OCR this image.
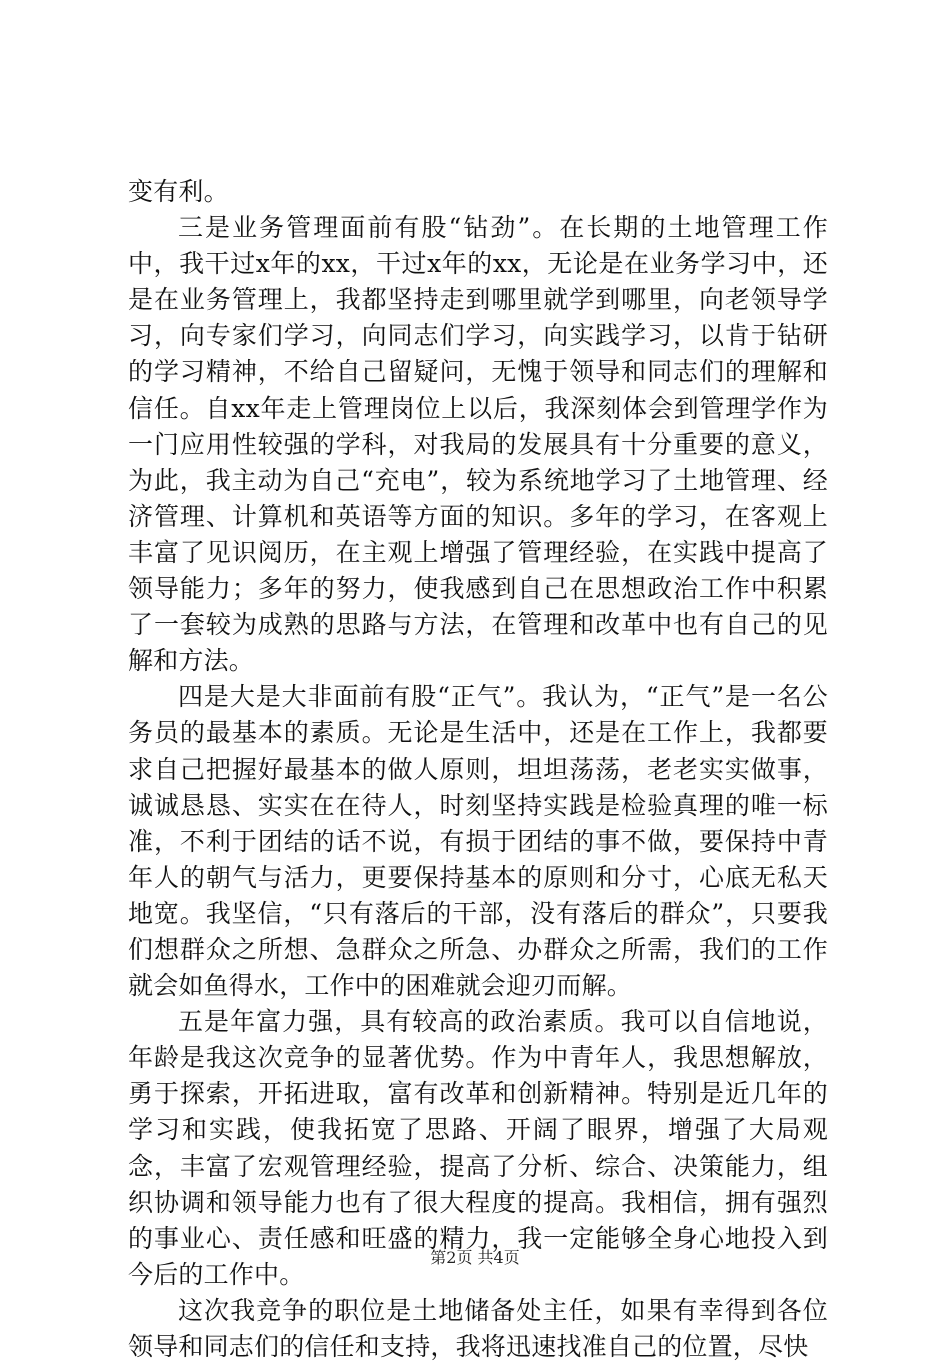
变有利。

三是业务管理面前有股“钻劲”。在长期的土地管理工作中，我干过x年的xx，干过x年的xx，无论是在业务学习中，还是在业务管理上，我都坚持走到哪里就学到哪里，向老领导学习，向专家们学习，向同志们学习，向实践学习，以肯于钻研的学习精神，不给自己留疑问，无愧于领导和同志们的理解和信任。自xx年走上管理岗位上以后，我深刻体会到管理学作为一门应用性较强的学科，对我局的发展具有十分重要的意义，为此，我主动为自己“充电”，较为系统地学习了土地管理、经济管理、计算机和英语等方面的知识。多年的学习，在客观上丰富了见识阅历，在主观上增强了管理经验，在实践中提高了领导能力；多年的努力，使我感到自己在思想政治工作中积累了一套较为成熟的思路与方法，在管理和改革中也有自己的见解和方法。

四是大是大非面前有股“正气”。我认为，“正气”是一名公务员的最基本的素质。无论是生活中，还是在工作上，我都要求自己把握好最基本的做人原则，坦坦荡荡，老老实实做事，诚诚恳恳、实实在在待人，时刻坚持实践是检验真理的唯一标准，不利于团结的话不说，有损于团结的事不做，要保持中青年人的朝气与活力，更要保持基本的原则和分寸，心底无私天地宽。我坚信，“只有落后的干部，没有落后的群众”，只要我们想群众之所想、急群众之所急、办群众之所需，我们的工作就会如鱼得水，工作中的困难就会迎刃而解。

五是年富力强，具有较高的政治素质。我可以自信地说，年龄是我这次竞争的显著优势。作为中青年人，我思想解放，勇于探索，开拓进取，富有改革和创新精神。特别是近几年的学习和实践，使我拓宽了思路、开阔了眼界，增强了大局观念，丰富了宏观管理经验，提高了分析、综合、决策能力，组织协调和领导能力也有了很大程度的提高。我相信，拥有强烈的事业心、责任感和旺盛的精力，我一定能够全身心地投入到今后的工作中。

这次我竞争的职位是土地储备处主任，如果有幸得到各位领导和同志们的信任和支持，我将迅速找准自己的位置，尽快

第2页 共4页
